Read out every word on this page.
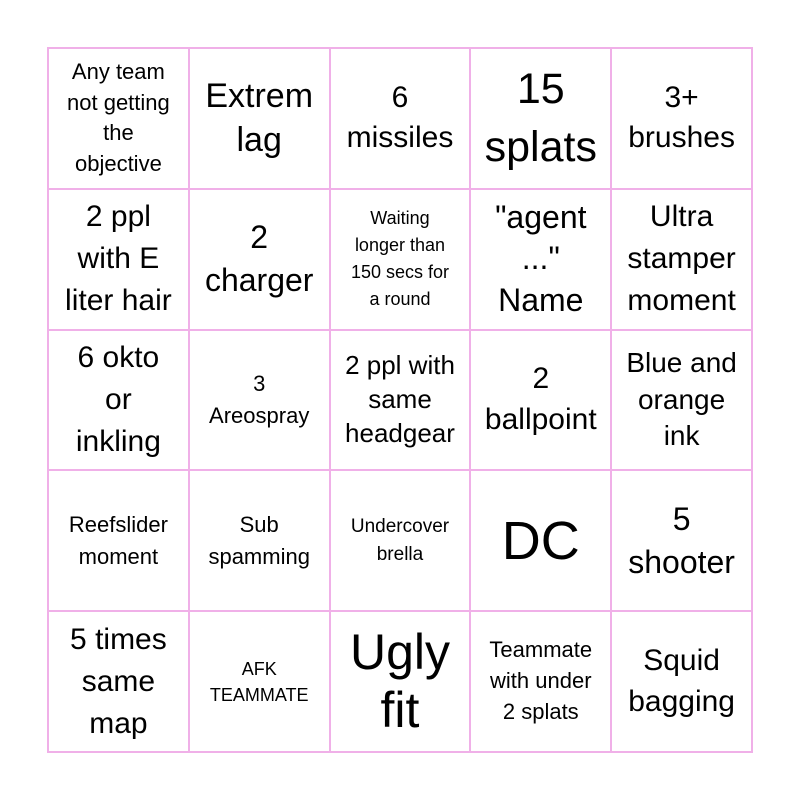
Any team
not getting
the
objective
Extrem
lag
6
missiles
15
splats
3+
brushes
2 ppl
with E
liter hair
2
charger
Waiting
longer than
150 secs for
a round
"agent
..."
Name
Ultra
stamper
moment
6 okto
or
inkling
3
Areospray
2 ppl with
same
headgear
2
ballpoint
Blue and
orange
ink
Reefslider
moment
Sub
spamming
Undercover
brella	DC	5
shooter
5 times
same
map
AFK
TEAMMATE
Ugly
fit
Teammate
with under
2 splats
Squid
bagging
